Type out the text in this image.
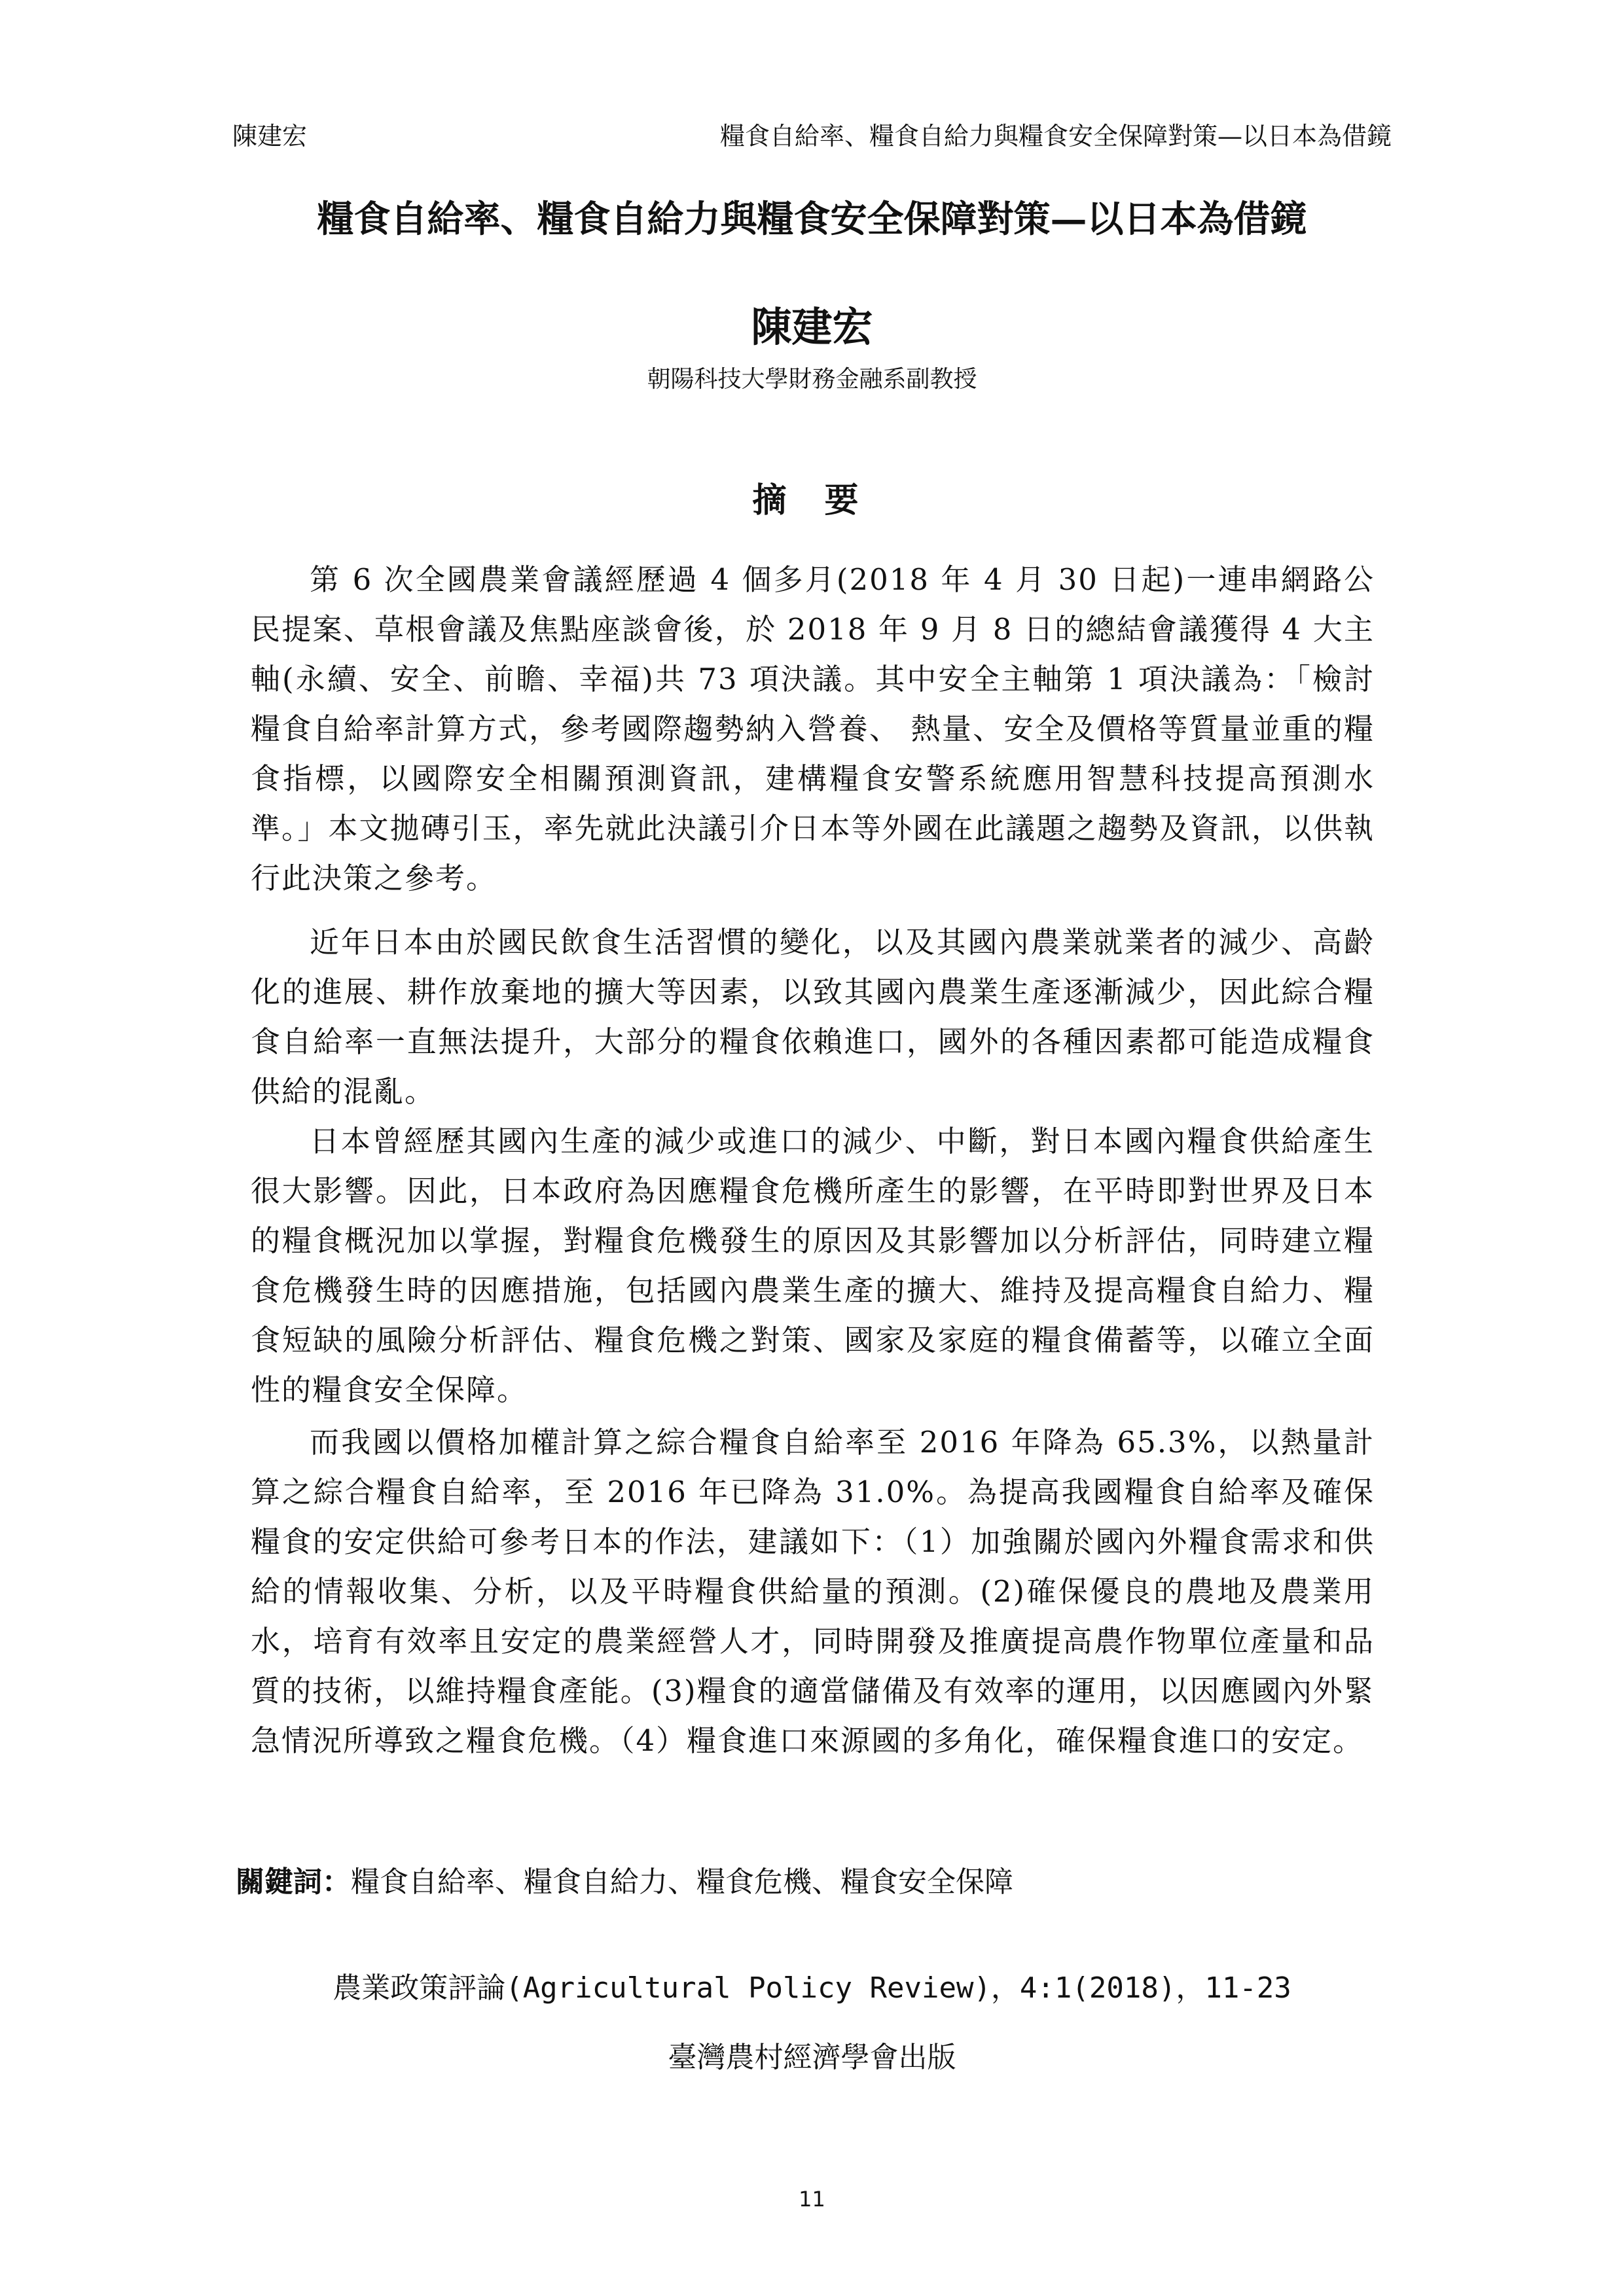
陳建宏	糧食自給率、糧食自給力與糧食安全保障對策—以日本為借鏡
糧食自給率、糧食自給力與糧食安全保障對策—以日本為借鏡
陳建宏
朝陽科技大學財務金融系副教授
摘 要

第 6 次全國農業會議經歷過 4 個多月(2018 年 4 月 30 日起)一連串網路公民提案、草根會議及焦點座談會後，於 2018 年 9 月 8 日的總結會議獲得 4 大主軸(永續、安全、前瞻、幸福)共 73 項決議。其中安全主軸第 1 項決議為：「檢討糧食自給率計算方式，參考國際趨勢納入營養、 熱量、安全及價格等質量並重的糧食指標，以國際安全相關預測資訊，建構糧食安警系統應用智慧科技提高預測水準。」本文拋磚引玉，率先就此決議引介日本等外國在此議題之趨勢及資訊，以供執行此決策之參考。

近年日本由於國民飲食生活習慣的變化，以及其國內農業就業者的減少、高齡化的進展、耕作放棄地的擴大等因素，以致其國內農業生產逐漸減少，因此綜合糧食自給率一直無法提升，大部分的糧食依賴進口，國外的各種因素都可能造成糧食供給的混亂。

日本曾經歷其國內生產的減少或進口的減少、中斷，對日本國內糧食供給產生很大影響。因此，日本政府為因應糧食危機所產生的影響，在平時即對世界及日本的糧食概況加以掌握，對糧食危機發生的原因及其影響加以分析評估，同時建立糧食危機發生時的因應措施，包括國內農業生產的擴大、維持及提高糧食自給力、糧食短缺的風險分析評估、糧食危機之對策、國家及家庭的糧食備蓄等，以確立全面性的糧食安全保障。

而我國以價格加權計算之綜合糧食自給率至 2016 年降為 65.3%，以熱量計算之綜合糧食自給率，至 2016 年已降為 31.0%。為提高我國糧食自給率及確保糧食的安定供給可參考日本的作法，建議如下：（1）加強關於國內外糧食需求和供給的情報收集、分析，以及平時糧食供給量的預測。(2)確保優良的農地及農業用水，培育有效率且安定的農業經營人才，同時開發及推廣提高農作物單位產量和品質的技術，以維持糧食產能。(3)糧食的適當儲備及有效率的運用，以因應國內外緊急情況所導致之糧食危機。（4）糧食進口來源國的多角化，確保糧食進口的安定。

關鍵詞：糧食自給率、糧食自給力、糧食危機、糧食安全保障
農業政策評論(Agricultural Policy Review)，4:1(2018)，11-23
臺灣農村經濟學會出版
11
